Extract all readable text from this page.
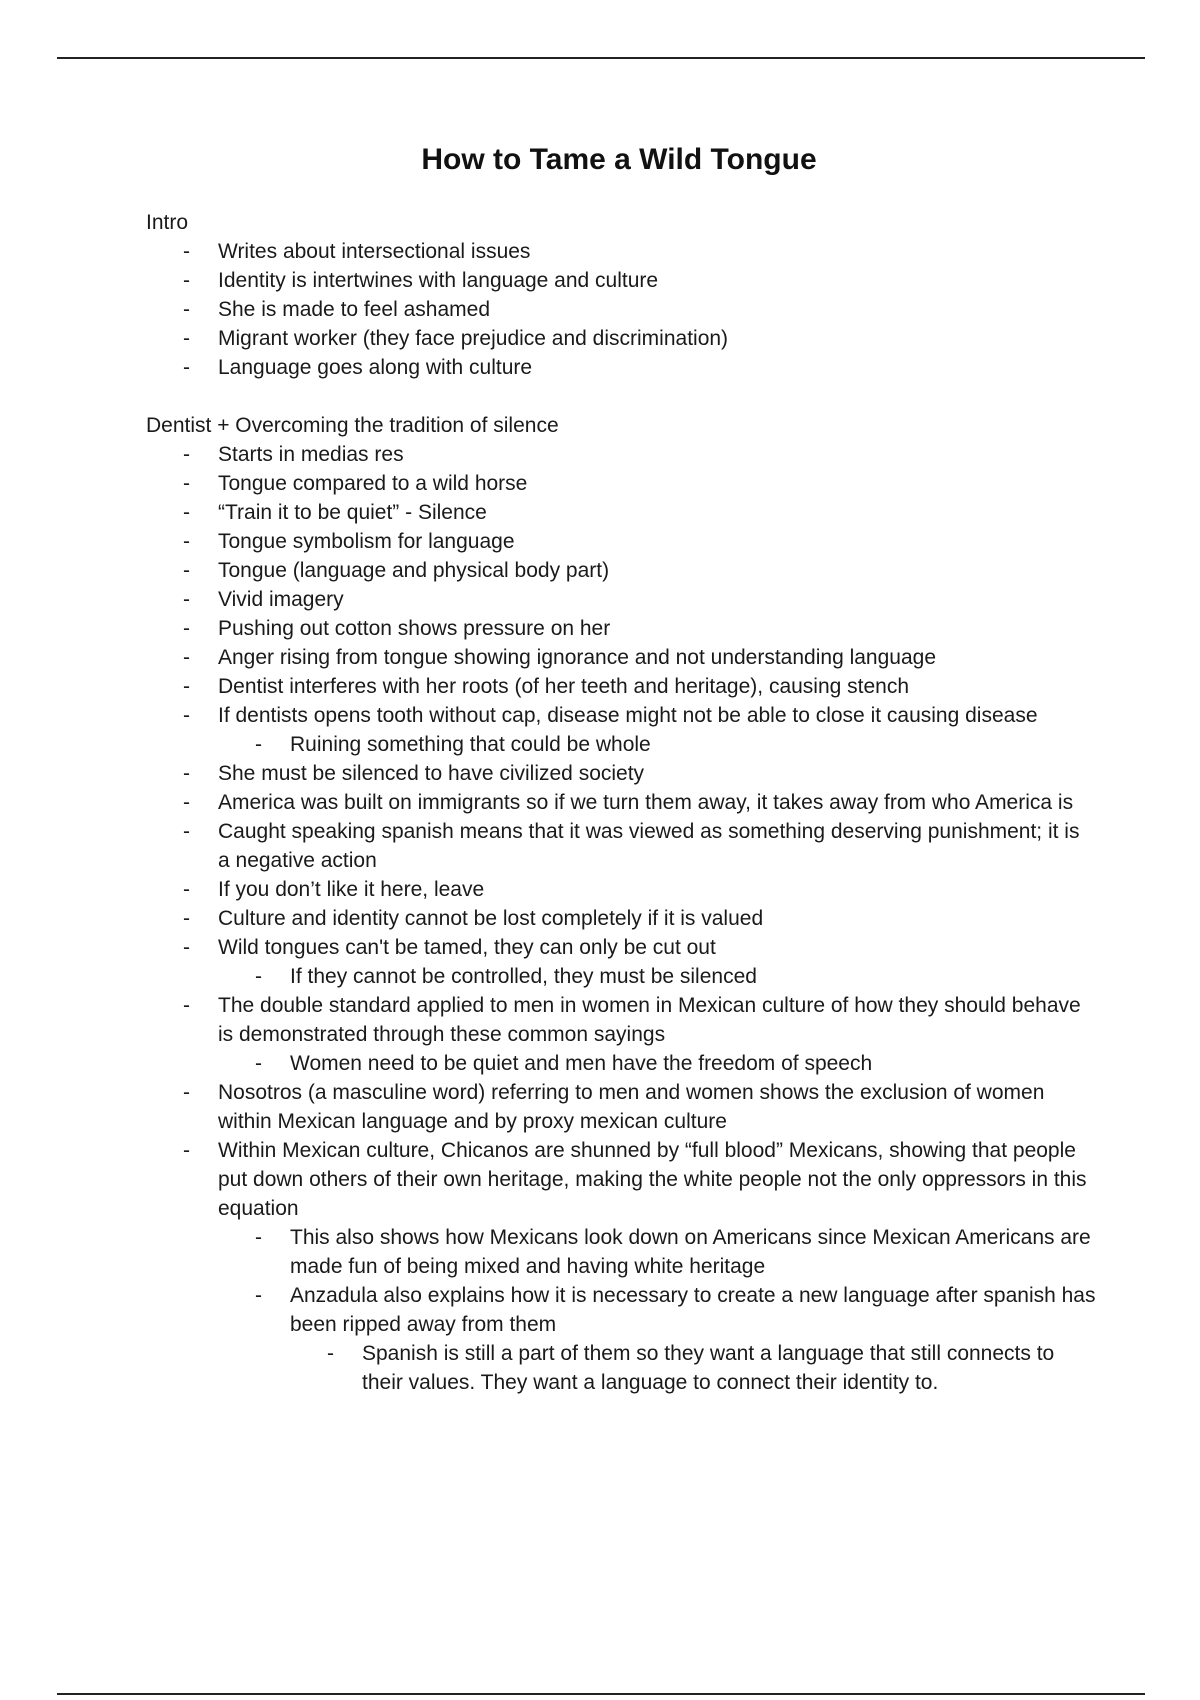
How to Tame a Wild Tongue

Intro

- Writes about intersectional issues
- Identity is intertwines with language and culture
- She is made to feel ashamed
- Migrant worker (they face prejudice and discrimination)
- Language goes along with culture

Dentist + Overcoming the tradition of silence

- Starts in medias res
- Tongue compared to a wild horse
- “Train it to be quiet” - Silence
- Tongue symbolism for language
- Tongue (language and physical body part)
- Vivid imagery
- Pushing out cotton shows pressure on her
- Anger rising from tongue showing ignorance and not understanding language
- Dentist interferes with her roots (of her teeth and heritage), causing stench
- If dentists opens tooth without cap, disease might not be able to close it causing disease
- Ruining something that could be whole
- She must be silenced to have civilized society
- America was built on immigrants so if we turn them away, it takes away from who America is
- Caught speaking spanish means that it was viewed as something deserving punishment; it is a negative action
- If you don’t like it here, leave
- Culture and identity cannot be lost completely if it is valued
- Wild tongues can't be tamed, they can only be cut out
- If they cannot be controlled, they must be silenced
- The double standard applied to men in women in Mexican culture of how they should behave is demonstrated through these common sayings
- Women need to be quiet and men have the freedom of speech
- Nosotros (a masculine word) referring to men and women shows the exclusion of women within Mexican language and by proxy mexican culture
- Within Mexican culture, Chicanos are shunned by “full blood” Mexicans, showing that people put down others of their own heritage, making the white people not the only oppressors in this equation
- This also shows how Mexicans look down on Americans since Mexican Americans are made fun of being mixed and having white heritage
- Anzadula also explains how it is necessary to create a new language after spanish has been ripped away from them
- Spanish is still a part of them so they want a language that still connects to their values. They want a language to connect their identity to.
